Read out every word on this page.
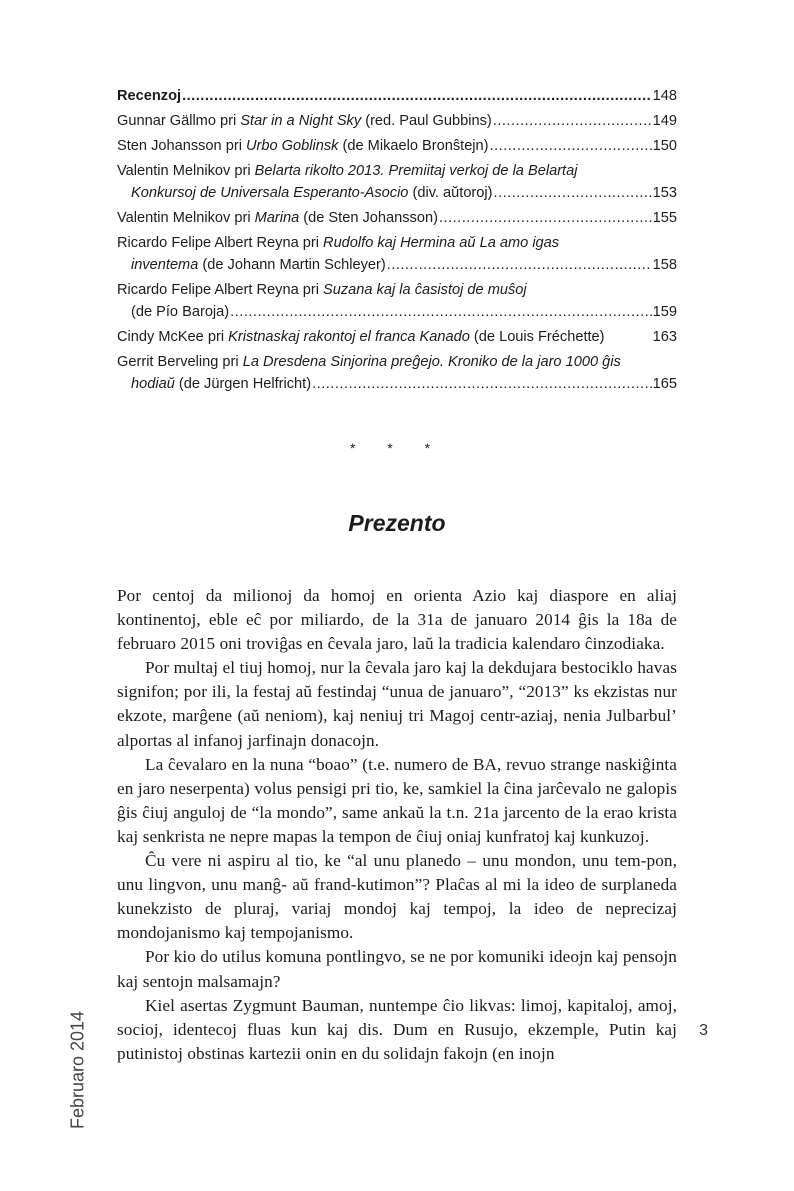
Recenzoj .....	148
Gunnar Gällmo pri Star in a Night Sky (red. Paul Gubbins) .....	149
Sten Johansson pri Urbo Goblinsk (de Mikaelo Bronŝtejn) .....	150
Valentin Melnikov pri Belarta rikolto 2013. Premiitaj verkoj de la Belartaj
Konkursoj de Universala Esperanto-Asocio (div. aŭtoroj) .....	153
Valentin Melnikov pri Marina (de Sten Johansson) .....	155
Ricardo Felipe Albert Reyna pri Rudolfo kaj Hermina aŭ La amo igas
inventema (de Johann Martin Schleyer) .....	158
Ricardo Felipe Albert Reyna pri Suzana kaj la ĉasistoj de muŝoj
(de Pío Baroja) .....	159
Cindy McKee pri Kristnaskaj rakontoj el franca Kanado (de Louis Fréchette)	163
Gerrit Berveling pri La Dresdena Sinjorina preĝejo. Kroniko de la jaro 1000 ĝis
hodiaŭ (de Jürgen Helfricht) .....	165
* * *
Prezento

Por centoj da milionoj da homoj en orienta Azio kaj diaspore en aliaj kontinentoj, eble eĉ por miliardo, de la 31a de januaro 2014 ĝis la 18a de februaro 2015 oni troviĝas en ĉevala jaro, laŭ la tradicia kalendaro ĉinzodiaka.

Por multaj el tiuj homoj, nur la ĉevala jaro kaj la dekdujara bestociklo havas signifon; por ili, la festaj aŭ festindaj “unua de januaro”, “2013” ks ekzistas nur ekzote, marĝene (aŭ neniom), kaj neniuj tri Magoj centr-aziaj, nenia Julbarbul’ alportas al infanoj jarfinajn donacojn.

La ĉevalaro en la nuna “boao” (t.e. numero de BA, revuo strange naskiĝinta en jaro neserpenta) volus pensigi pri tio, ke, samkiel la ĉina jarĉevalo ne galopis ĝis ĉiuj anguloj de “la mondo”, same ankaŭ la t.n. 21a jarcento de la erao krista kaj senkrista ne nepre mapas la tempon de ĉiuj oniaj kunfratoj kaj kunkuzoj.

Ĉu vere ni aspiru al tio, ke “al unu planedo – unu mondon, unu tem-pon, unu lingvon, unu manĝ- aŭ frand-kutimon”? Plaĉas al mi la ideo de surplaneda kunekzisto de pluraj, variaj mondoj kaj tempoj, la ideo de neprecizaj mondojanismo kaj tempojanismo.

Por kio do utilus komuna pontlingvo, se ne por komuniki ideojn kaj pensojn kaj sentojn malsamajn?

Kiel asertas Zygmunt Bauman, nuntempe ĉio likvas: limoj, kapitaloj, amoj, socioj, identecoj fluas kun kaj dis. Dum en Rusujo, ekzemple, Putin kaj putinistoj obstinas kartezii onin en du solidajn fakojn (en inojn

Februaro 2014	3
